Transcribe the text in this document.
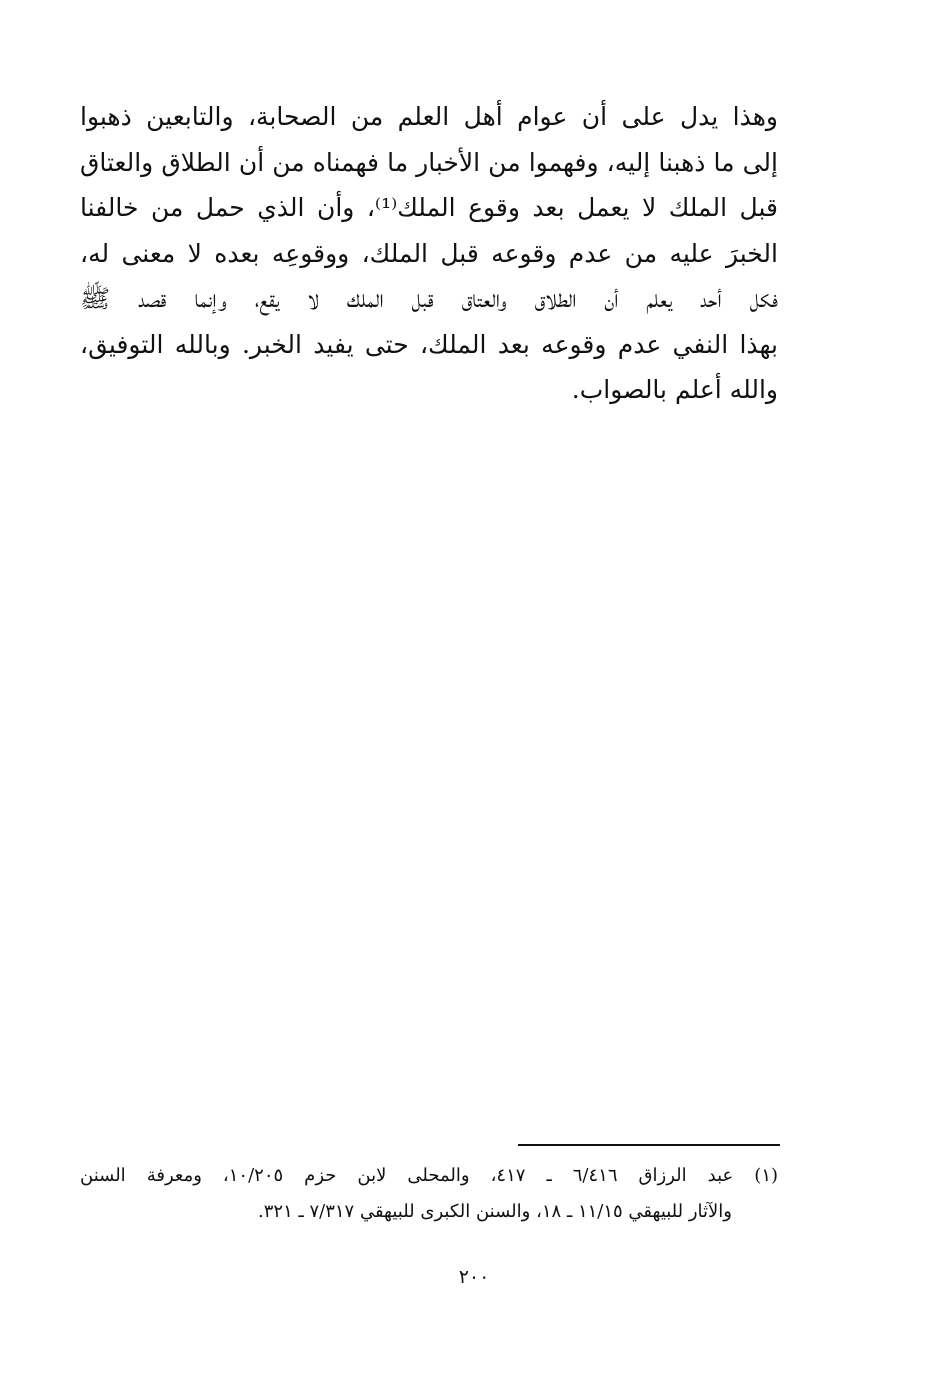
وهذا يدل على أن عوام أهل العلم من الصحابة، والتابعين ذهبوا
إلى ما ذهبنا إليه، وفهموا من الأخبار ما فهمناه من أن الطلاق والعتاق
قبل الملك لا يعمل بعد وقوع الملك⁽¹⁾، وأن الذي حمل من خالفنا
الخبرَ عليه من عدم وقوعه قبل الملك، ووقوعِه بعده لا معنى له،
فكل أحد يعلم أن الطلاق والعتاق قبل الملك لا يقع، وإنما قصد ﷺ
بهذا النفي عدم وقوعه بعد الملك، حتى يفيد الخبر. وبالله التوفيق،
والله أعلم بالصواب.
(١) عبد الرزاق ٦/٤١٦ ـ ٤١٧، والمحلى لابن حزم ١٠/٢٠٥، ومعرفة السنن
والآثار للبيهقي ١١/١٥ ـ ١٨، والسنن الكبرى للبيهقي ٧/٣١٧ ـ ٣٢١.
٢٠٠
